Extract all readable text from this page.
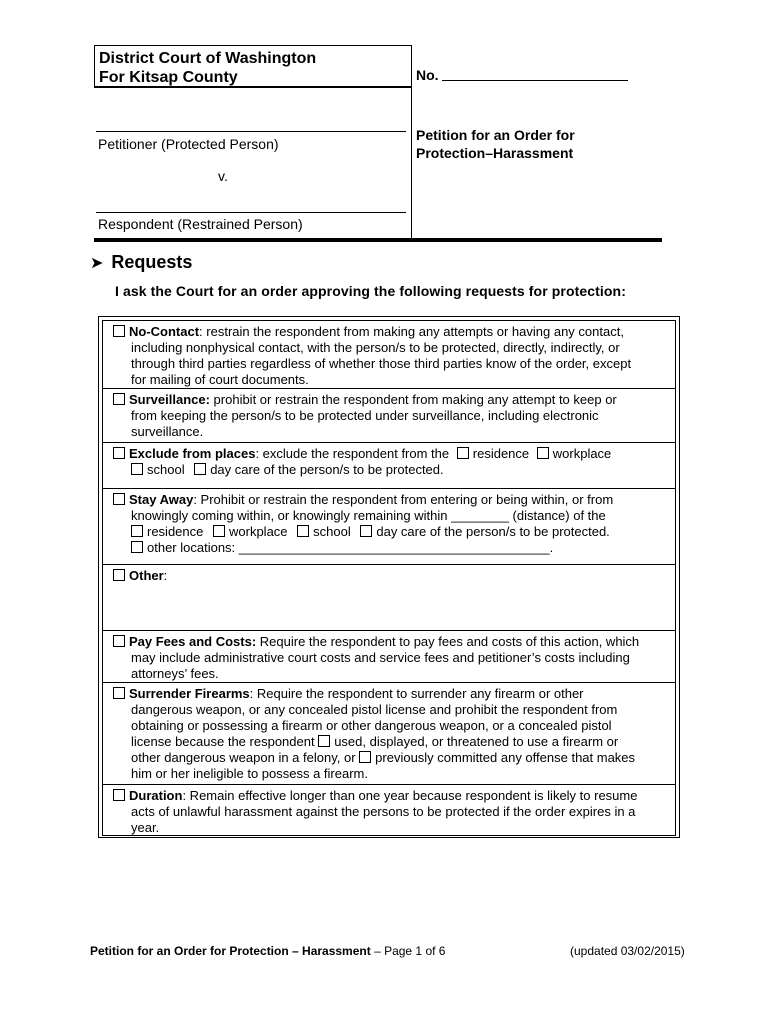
District Court of Washington
For Kitsap County	No.
Petitioner (Protected Person)
v.
Respondent (Restrained Person)
Petition for an Order for
Protection–Harassment
➤ Requests
I ask the Court for an order approving the following requests for protection:

No-Contact: restrain the respondent from making any attempts or having any contact,

including nonphysical contact, with the person/s to be protected, directly, indirectly, or

through third parties regardless of whether those third parties know of the order, except

for mailing of court documents.

Surveillance: prohibit or restrain the respondent from making any attempt to keep or

from keeping the person/s to be protected under surveillance, including electronic

surveillance.

Exclude from places: exclude the respondent from the residence workplace

school day care of the person/s to be protected.

Stay Away: Prohibit or restrain the respondent from entering or being within, or from

knowingly coming within, or knowingly remaining within ________ (distance) of the

residence workplace school day care of the person/s to be protected.

other locations: ___________________________________________.

Other:

Pay Fees and Costs: Require the respondent to pay fees and costs of this action, which

may include administrative court costs and service fees and petitioner’s costs including

attorneys’ fees.

Surrender Firearms: Require the respondent to surrender any firearm or other

dangerous weapon, or any concealed pistol license and prohibit the respondent from

obtaining or possessing a firearm or other dangerous weapon, or a concealed pistol

license because the respondent used, displayed, or threatened to use a firearm or

other dangerous weapon in a felony, or previously committed any offense that makes

him or her ineligible to possess a firearm.

Duration: Remain effective longer than one year because respondent is likely to resume

acts of unlawful harassment against the persons to be protected if the order expires in a

year.

Petition for an Order for Protection – Harassment – Page 1 of 6	(updated 03/02/2015)
